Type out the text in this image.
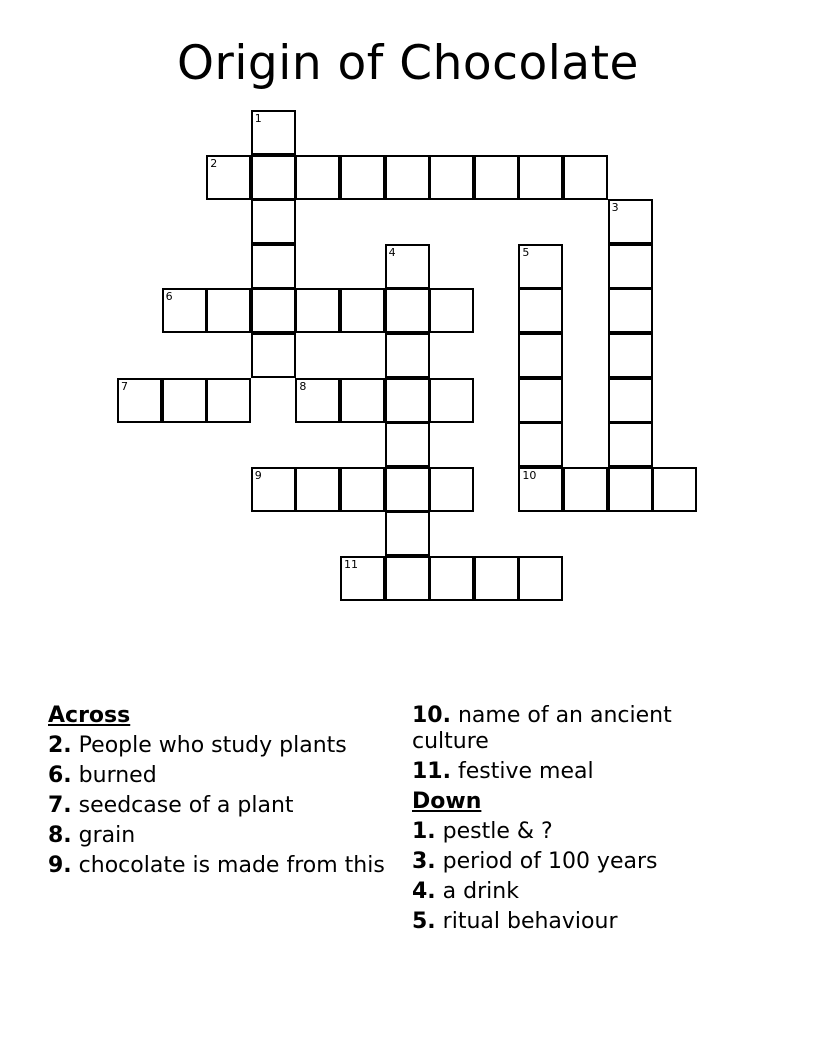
Origin of Chocolate
1
2
3
4	5
6
7	8
9	10
11
Across
2. People who study plants
6. burned
7. seedcase of a plant
8. grain
9. chocolate is made from this
10. name of an ancient culture
11. festive meal
Down
1. pestle & ?
3. period of 100 years
4. a drink
5. ritual behaviour
